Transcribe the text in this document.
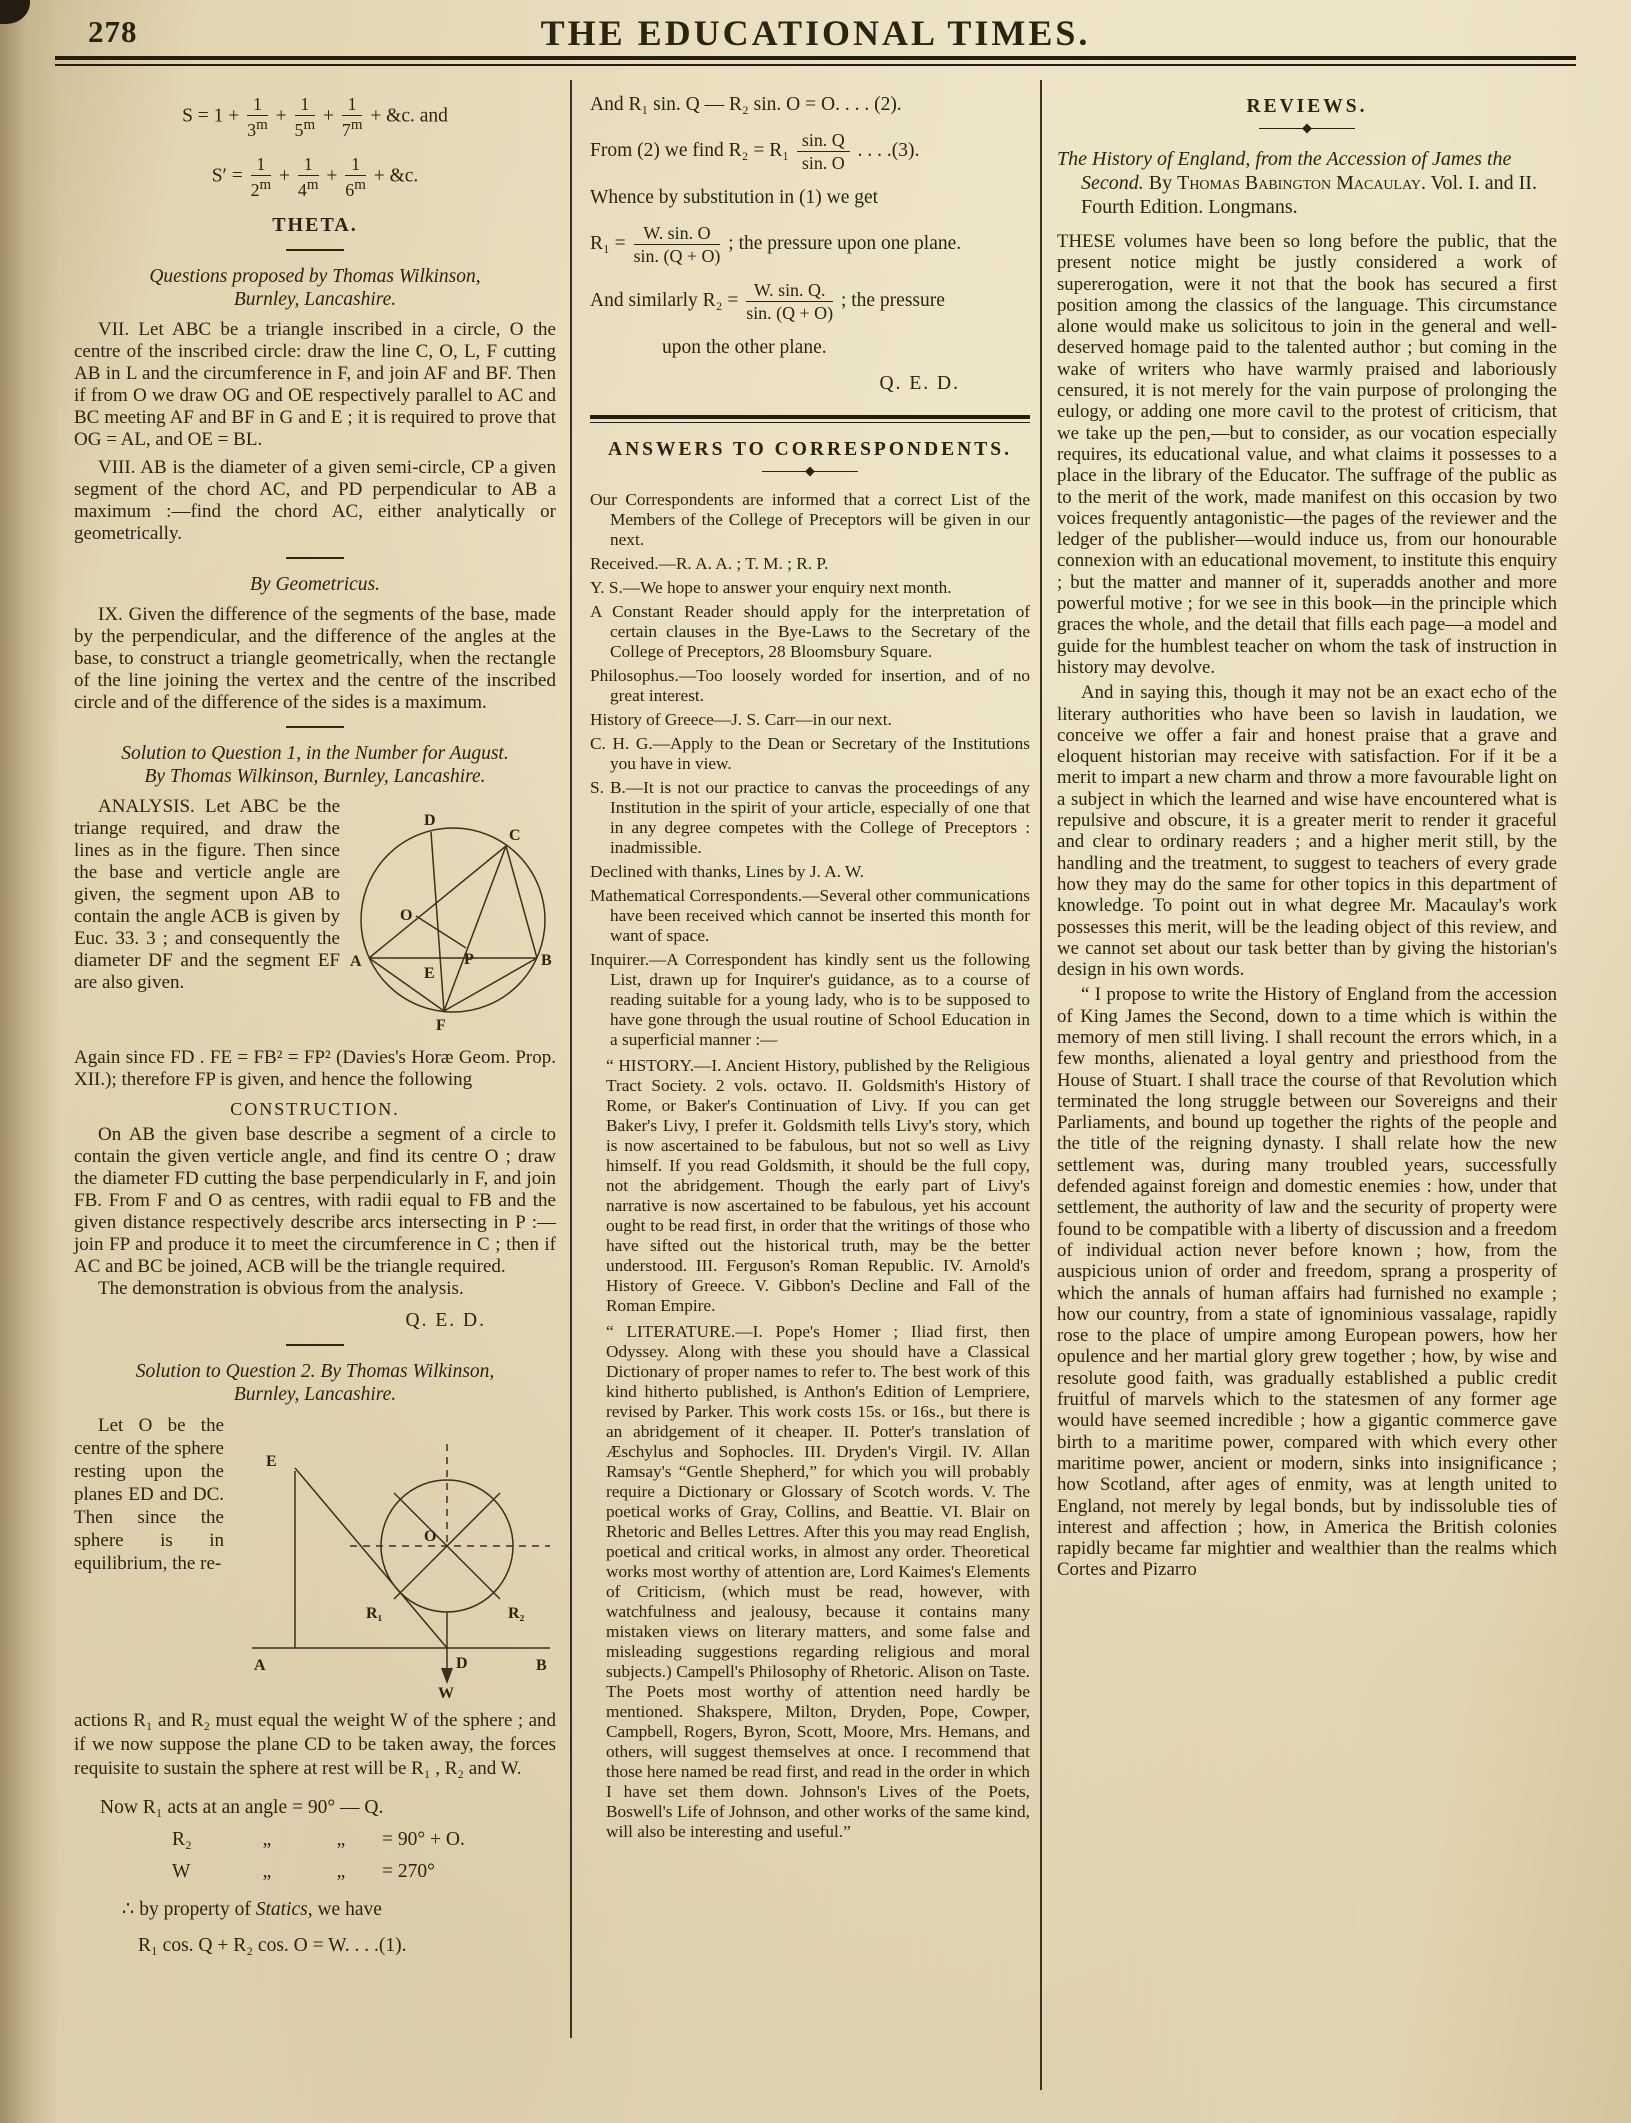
278	THE EDUCATIONAL TIMES.
$S = 1 + \frac{1}{3^m} + \frac{1}{5^m} + \frac{1}{7^m}$ + &c. and
$S' = \frac{1}{2^m} + \frac{1}{4^m} + \frac{1}{6^m}$ + &c.
THETA.
Questions proposed by Thomas Wilkinson,
Burnley, Lancashire.
VII. Let ABC be a triangle inscribed in a circle, O the centre of the inscribed circle: draw the line C, O, L, F cutting AB in L and the circumference in F, and join AF and BF. Then if from O we draw OG and OE respectively parallel to AC and BC meeting AF and BF in G and E ; it is required to prove that OG = AL, and OE = BL.
VIII. AB is the diameter of a given semi-circle, CP a given segment of the chord AC, and PD perpendicular to AB a maximum :—find the chord AC, either analytically or geometrically.
By Geometricus.
IX. Given the difference of the segments of the base, made by the perpendicular, and the difference of the angles at the base, to construct a triangle geometrically, when the rectangle of the line joining the vertex and the centre of the inscribed circle and of the difference of the sides is a maximum.
Solution to Question 1, in the Number for August.
By Thomas Wilkinson, Burnley, Lancashire.
D
C
O
P
A
E
B
F
ANALYSIS. Let ABC be the triange required, and draw the lines as in the figure. Then since the base and verticle angle are given, the segment upon AB to contain the angle ACB is given by Euc. 33. 3 ; and consequently the diameter DF and the segment EF are also given.
Again since FD . FE = FB² = FP² (Davies's Horæ Geom. Prop. XII.); therefore FP is given, and hence the following
CONSTRUCTION.
On AB the given base describe a segment of a circle to contain the given verticle angle, and find its centre O ; draw the diameter FD cutting the base perpendicularly in F, and join FB. From F and O as centres, with radii equal to FB and the given distance respectively describe arcs intersecting in P :—join FP and produce it to meet the circumference in C ; then if AC and BC be joined, ACB will be the triangle required.
The demonstration is obvious from the analysis.
Q. E. D.
Solution to Question 2. By Thomas Wilkinson,
Burnley, Lancashire.
E
O
R₁	R₂
A	D	B
W
Let O be the centre of the sphere resting upon the planes ED and DC. Then since the sphere is in equilibrium, the re-
actions R₁ and R₂ must equal the weight W of the sphere ; and if we now suppose the plane CD to be taken away, the forces requisite to sustain the sphere at rest will be R₁ , R₂ and W.
Now R₁ acts at an angle = 90° — Q.
R₂	„	„	= 90° + O.
W	„	„	= 270°
∴ by property of Statics, we have
R₁ cos. Q + R₂ cos. O = W. . . .(1).
And R₁ sin. Q — R₂ sin. O = O. . . . (2).
From (2) we find $R_2 = R_1 \frac{\sin. Q}{\sin. O}$ . . . .(3).
Whence by substitution in (1) we get
$R_1 = \frac{W. \sin. O}{\sin. (Q + O)}$ ; the pressure upon one plane.
And similarly $R_2 = \frac{W. \sin. Q.}{\sin. (Q + O)}$ ; the pressure
upon the other plane.
Q. E. D.
ANSWERS TO CORRESPONDENTS.
Our Correspondents are informed that a correct List of the Members of the College of Preceptors will be given in our next.
Received.—R. A. A. ; T. M. ; R. P.
Y. S.—We hope to answer your enquiry next month.
A Constant Reader should apply for the interpretation of certain clauses in the Bye-Laws to the Secretary of the College of Preceptors, 28 Bloomsbury Square.
Philosophus.—Too loosely worded for insertion, and of no great interest.
History of Greece—J. S. Carr—in our next.
C. H. G.—Apply to the Dean or Secretary of the Institutions you have in view.
S. B.—It is not our practice to canvas the proceedings of any Institution in the spirit of your article, especially of one that in any degree competes with the College of Preceptors : inadmissible.
Declined with thanks, Lines by J. A. W.
Mathematical Correspondents.—Several other communications have been received which cannot be inserted this month for want of space.
Inquirer.—A Correspondent has kindly sent us the following List, drawn up for Inquirer's guidance, as to a course of reading suitable for a young lady, who is to be supposed to have gone through the usual routine of School Education in a superficial manner :—
“ HISTORY.—I. Ancient History, published by the Religious Tract Society. 2 vols. octavo. II. Goldsmith's History of Rome, or Baker's Continuation of Livy. If you can get Baker's Livy, I prefer it. Goldsmith tells Livy's story, which is now ascertained to be fabulous, but not so well as Livy himself. If you read Goldsmith, it should be the full copy, not the abridgement. Though the early part of Livy's narrative is now ascertained to be fabulous, yet his account ought to be read first, in order that the writings of those who have sifted out the historical truth, may be the better understood. III. Ferguson's Roman Republic. IV. Arnold's History of Greece. V. Gibbon's Decline and Fall of the Roman Empire.
“ LITERATURE.—I. Pope's Homer ; Iliad first, then Odyssey. Along with these you should have a Classical Dictionary of proper names to refer to. The best work of this kind hitherto published, is Anthon's Edition of Lempriere, revised by Parker. This work costs 15s. or 16s., but there is an abridgement of it cheaper. II. Potter's translation of Æschylus and Sophocles. III. Dryden's Virgil. IV. Allan Ramsay's “Gentle Shepherd,” for which you will probably require a Dictionary or Glossary of Scotch words. V. The poetical works of Gray, Collins, and Beattie. VI. Blair on Rhetoric and Belles Lettres. After this you may read English, poetical and critical works, in almost any order. Theoretical works most worthy of attention are, Lord Kaimes's Elements of Criticism, (which must be read, however, with watchfulness and jealousy, because it contains many mistaken views on literary matters, and some false and misleading suggestions regarding religious and moral subjects.) Campell's Philosophy of Rhetoric. Alison on Taste. The Poets most worthy of attention need hardly be mentioned. Shakspere, Milton, Dryden, Pope, Cowper, Campbell, Rogers, Byron, Scott, Moore, Mrs. Hemans, and others, will suggest themselves at once. I recommend that those here named be read first, and read in the order in which I have set them down. Johnson's Lives of the Poets, Boswell's Life of Johnson, and other works of the same kind, will also be interesting and useful.”
REVIEWS.
The History of England, from the Accession of James the Second. By Thomas Babington Macaulay. Vol. I. and II. Fourth Edition. Longmans.
THESE volumes have been so long before the public, that the present notice might be justly considered a work of supererogation, were it not that the book has secured a first position among the classics of the language. This circumstance alone would make us solicitous to join in the general and well-deserved homage paid to the talented author ; but coming in the wake of writers who have warmly praised and laboriously censured, it is not merely for the vain purpose of prolonging the eulogy, or adding one more cavil to the protest of criticism, that we take up the pen,—but to consider, as our vocation especially requires, its educational value, and what claims it possesses to a place in the library of the Educator. The suffrage of the public as to the merit of the work, made manifest on this occasion by two voices frequently antagonistic—the pages of the reviewer and the ledger of the publisher—would induce us, from our honourable connexion with an educational movement, to institute this enquiry ; but the matter and manner of it, superadds another and more powerful motive ; for we see in this book—in the principle which graces the whole, and the detail that fills each page—a model and guide for the humblest teacher on whom the task of instruction in history may devolve.
And in saying this, though it may not be an exact echo of the literary authorities who have been so lavish in laudation, we conceive we offer a fair and honest praise that a grave and eloquent historian may receive with satisfaction. For if it be a merit to impart a new charm and throw a more favourable light on a subject in which the learned and wise have encountered what is repulsive and obscure, it is a greater merit to render it graceful and clear to ordinary readers ; and a higher merit still, by the handling and the treatment, to suggest to teachers of every grade how they may do the same for other topics in this department of knowledge. To point out in what degree Mr. Macaulay's work possesses this merit, will be the leading object of this review, and we cannot set about our task better than by giving the historian's design in his own words.
“ I propose to write the History of England from the accession of King James the Second, down to a time which is within the memory of men still living. I shall recount the errors which, in a few months, alienated a loyal gentry and priesthood from the House of Stuart. I shall trace the course of that Revolution which terminated the long struggle between our Sovereigns and their Parliaments, and bound up together the rights of the people and the title of the reigning dynasty. I shall relate how the new settlement was, during many troubled years, successfully defended against foreign and domestic enemies : how, under that settlement, the authority of law and the security of property were found to be compatible with a liberty of discussion and a freedom of individual action never before known ; how, from the auspicious union of order and freedom, sprang a prosperity of which the annals of human affairs had furnished no example ; how our country, from a state of ignominious vassalage, rapidly rose to the place of umpire among European powers, how her opulence and her martial glory grew together ; how, by wise and resolute good faith, was gradually established a public credit fruitful of marvels which to the statesmen of any former age would have seemed incredible ; how a gigantic commerce gave birth to a maritime power, compared with which every other maritime power, ancient or modern, sinks into insignificance ; how Scotland, after ages of enmity, was at length united to England, not merely by legal bonds, but by indissoluble ties of interest and affection ; how, in America the British colonies rapidly became far mightier and wealthier than the realms which Cortes and Pizarro
